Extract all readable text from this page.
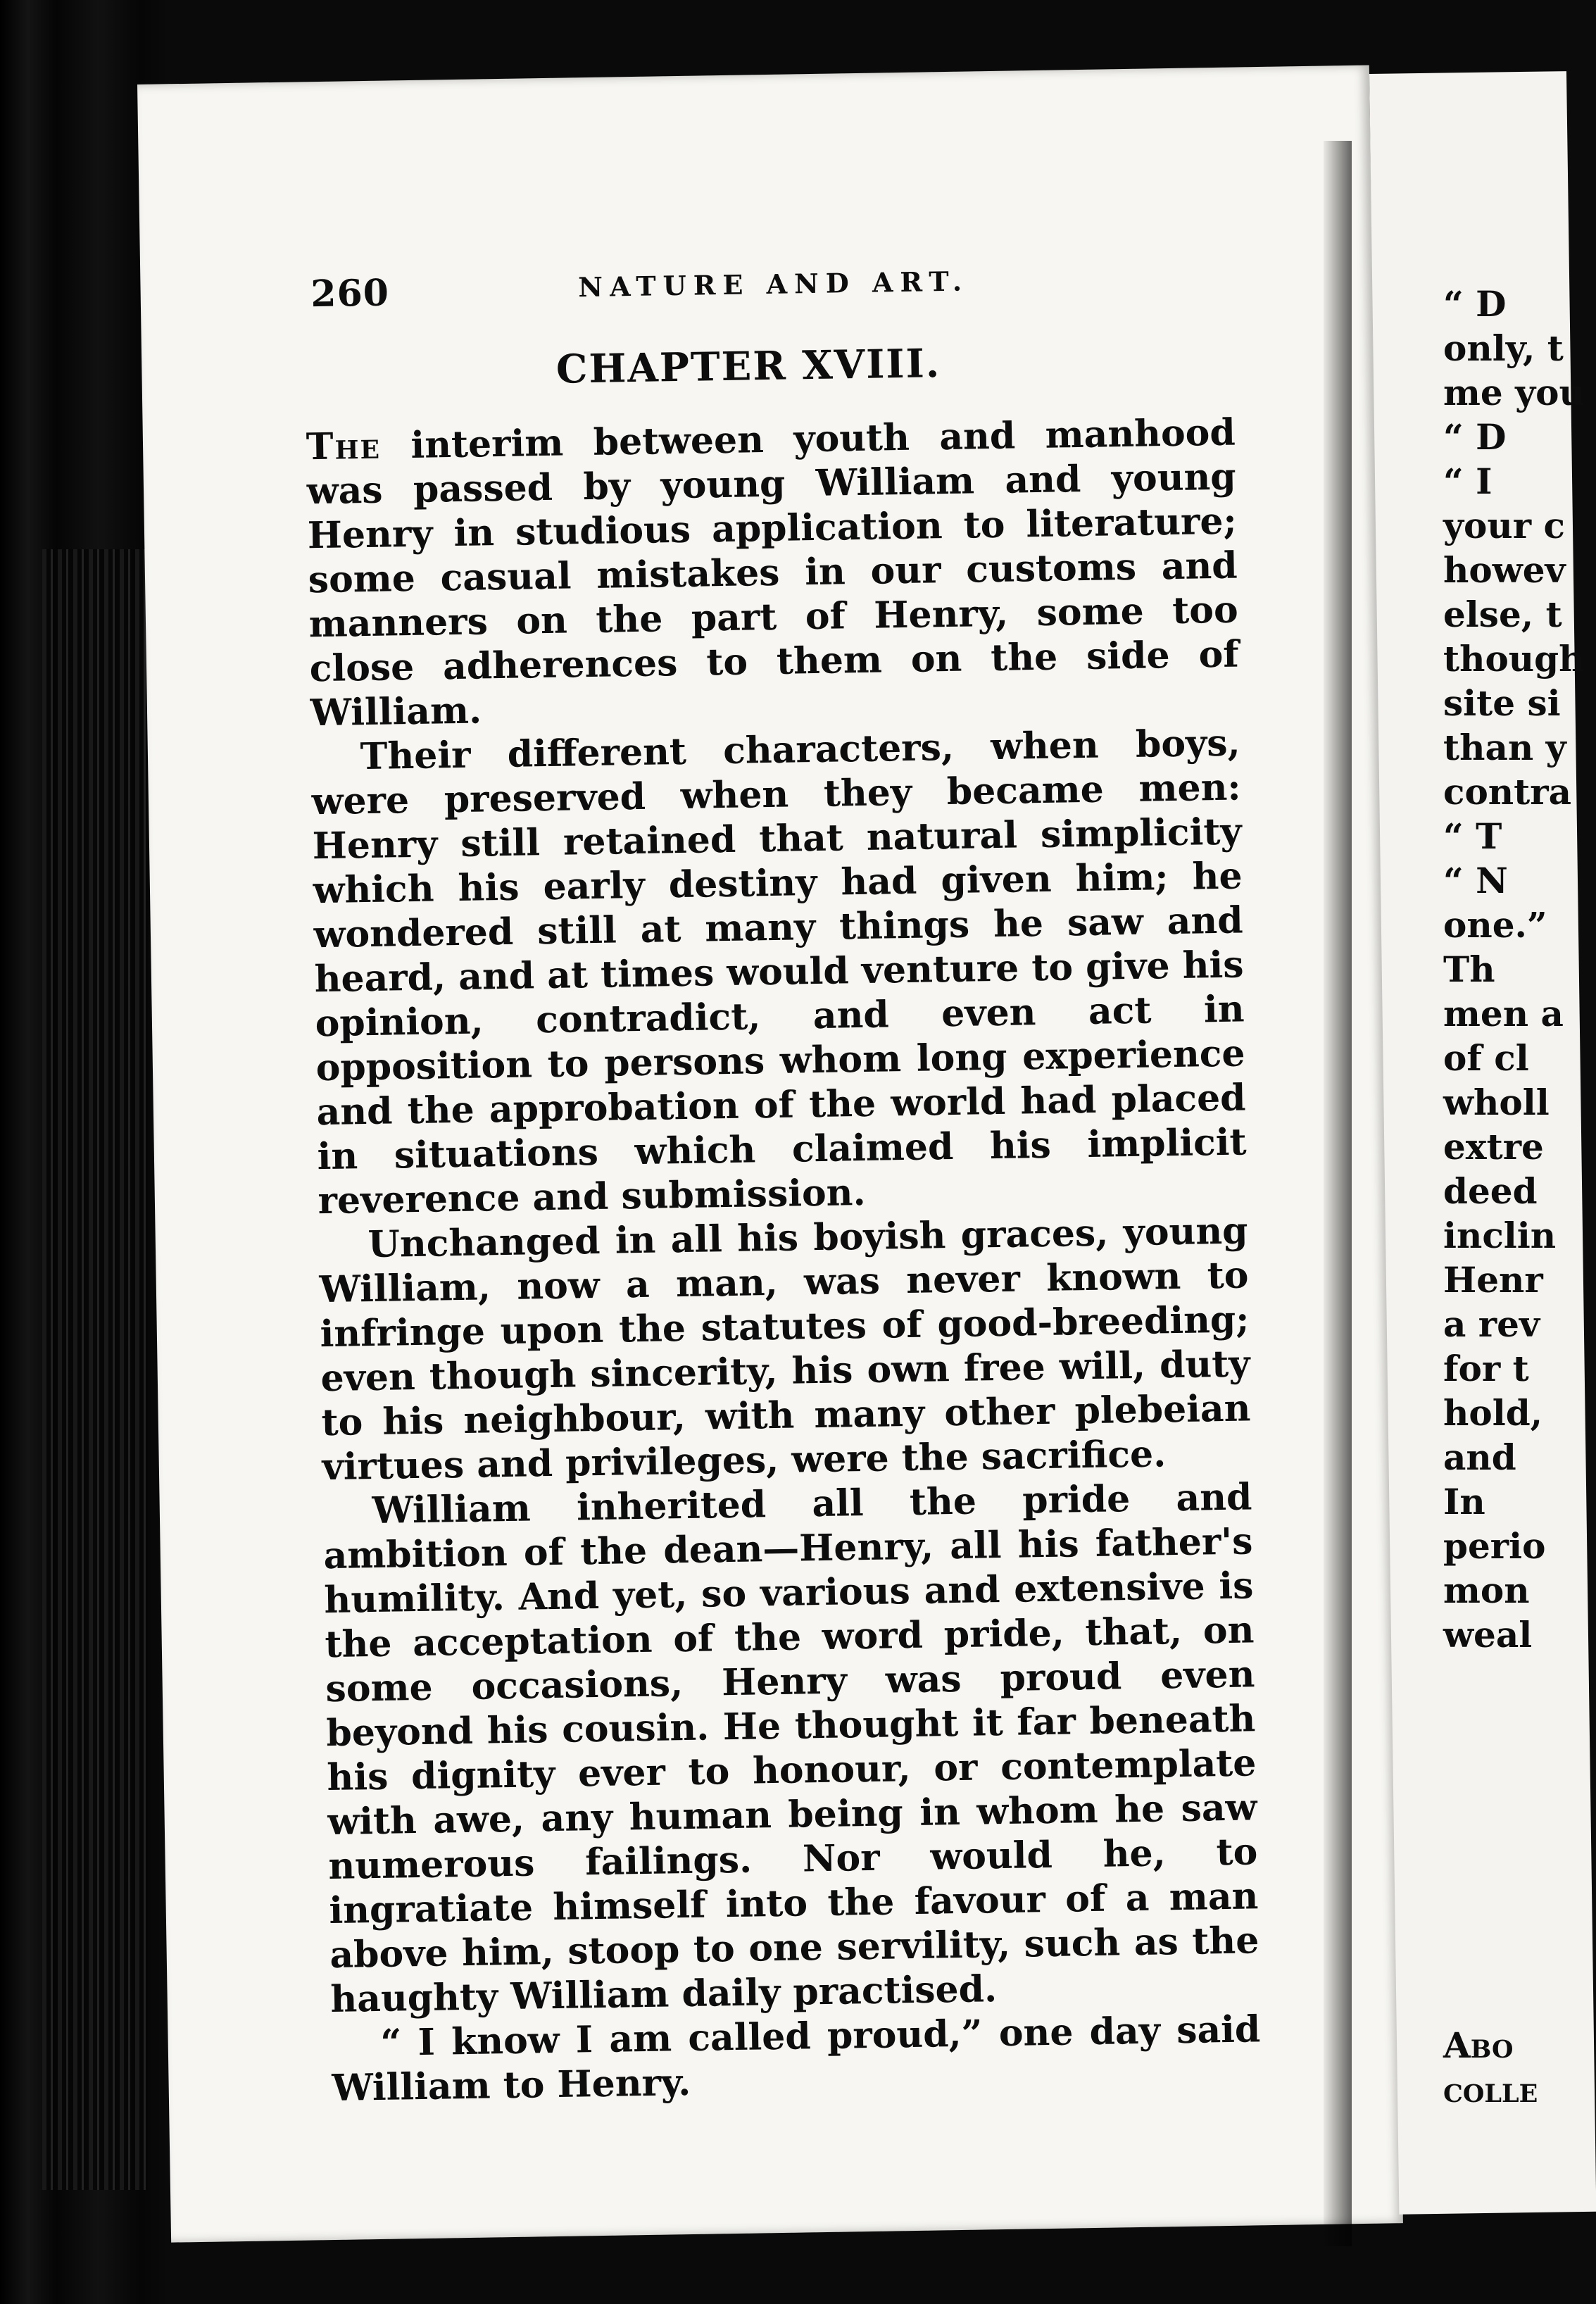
260	NATURE AND ART.
CHAPTER XVIII.

The interim between youth and manhood was passed by young William and young Henry in studious application to literature; some casual mistakes in our customs and manners on the part of Henry, some too close adherences to them on the side of William.

Their different characters, when boys, were preserved when they became men: Henry still retained that natural simplicity which his early destiny had given him; he wondered still at many things he saw and heard, and at times would venture to give his opinion, contradict, and even act in opposition to persons whom long experience and the approbation of the world had placed in situations which claimed his implicit reverence and submission.

Unchanged in all his boyish graces, young William, now a man, was never known to infringe upon the statutes of good-breeding; even though sincerity, his own free will, duty to his neighbour, with many other plebeian virtues and privileges, were the sacrifice.

William inherited all the pride and ambition of the dean—Henry, all his father's humility. And yet, so various and extensive is the acceptation of the word pride, that, on some occasions, Henry was proud even beyond his cousin. He thought it far beneath his dignity ever to honour, or contemplate with awe, any human being in whom he saw numerous failings. Nor would he, to ingratiate himself into the favour of a man above him, stoop to one servility, such as the haughty William daily practised.

“ I know I am called proud,” one day said William to Henry.

“ D
only, t
me you
“ D
“ I
your c
howev
else, t
though
site si
than y
contra
“ T
“ N
one.”
Th
men a
of cl
wholl
extre
deed
inclin
Henr
a rev
for t
hold,
and
In
perio
mon
weal
Abo
colle
